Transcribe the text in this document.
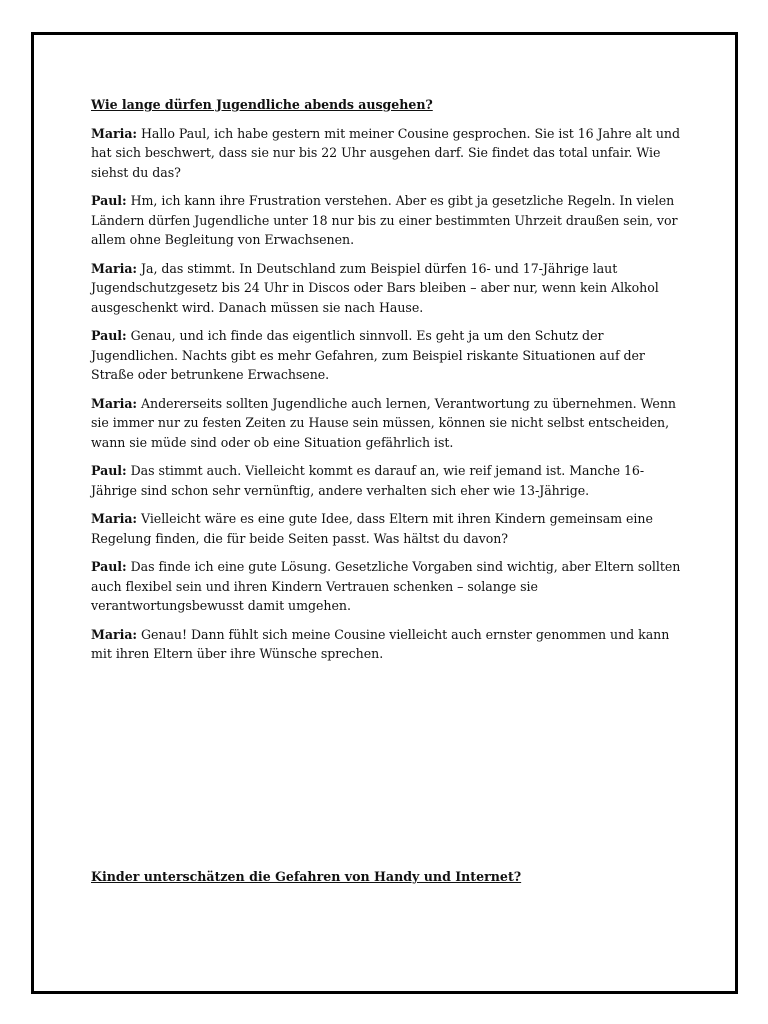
Wie lange dürfen Jugendliche abends ausgehen?

Maria: Hallo Paul, ich habe gestern mit meiner Cousine gesprochen. Sie ist 16 Jahre alt und hat sich beschwert, dass sie nur bis 22 Uhr ausgehen darf. Sie findet das total unfair. Wie siehst du das?

Paul: Hm, ich kann ihre Frustration verstehen. Aber es gibt ja gesetzliche Regeln. In vielen Ländern dürfen Jugendliche unter 18 nur bis zu einer bestimmten Uhrzeit draußen sein, vor allem ohne Begleitung von Erwachsenen.

Maria: Ja, das stimmt. In Deutschland zum Beispiel dürfen 16- und 17-Jährige laut Jugendschutzgesetz bis 24 Uhr in Discos oder Bars bleiben – aber nur, wenn kein Alkohol ausgeschenkt wird. Danach müssen sie nach Hause.

Paul: Genau, und ich finde das eigentlich sinnvoll. Es geht ja um den Schutz der Jugendlichen. Nachts gibt es mehr Gefahren, zum Beispiel riskante Situationen auf der Straße oder betrunkene Erwachsene.

Maria: Andererseits sollten Jugendliche auch lernen, Verantwortung zu übernehmen. Wenn sie immer nur zu festen Zeiten zu Hause sein müssen, können sie nicht selbst entscheiden, wann sie müde sind oder ob eine Situation gefährlich ist.

Paul: Das stimmt auch. Vielleicht kommt es darauf an, wie reif jemand ist. Manche 16-Jährige sind schon sehr vernünftig, andere verhalten sich eher wie 13-Jährige.

Maria: Vielleicht wäre es eine gute Idee, dass Eltern mit ihren Kindern gemeinsam eine Regelung finden, die für beide Seiten passt. Was hältst du davon?

Paul: Das finde ich eine gute Lösung. Gesetzliche Vorgaben sind wichtig, aber Eltern sollten auch flexibel sein und ihren Kindern Vertrauen schenken – solange sie verantwortungsbewusst damit umgehen.

Maria: Genau! Dann fühlt sich meine Cousine vielleicht auch ernster genommen und kann mit ihren Eltern über ihre Wünsche sprechen.

Kinder unterschätzen die Gefahren von Handy und Internet?
